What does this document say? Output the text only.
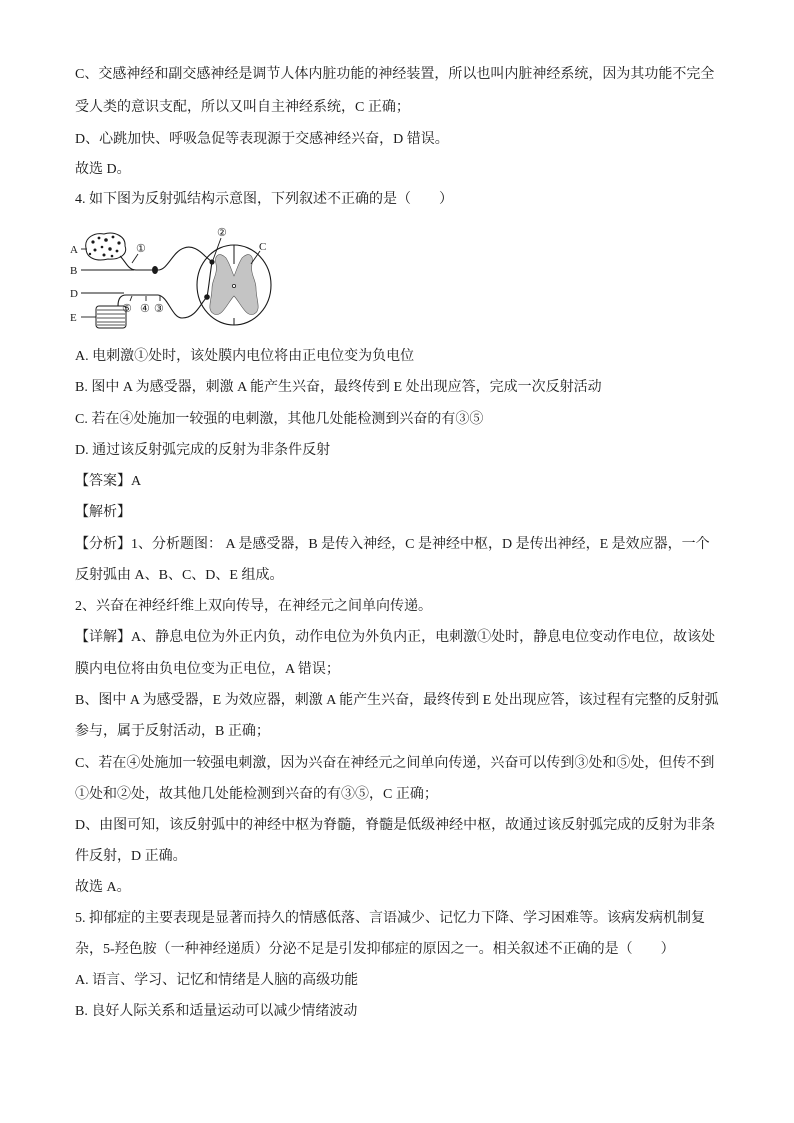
C、交感神经和副交感神经是调节人体内脏功能的神经装置，所以也叫内脏神经系统，因为其功能不完全
受人类的意识支配，所以又叫自主神经系统，C 正确；
D、心跳加快、呼吸急促等表现源于交感神经兴奋，D 错误。
故选 D。
4. 如下图为反射弧结构示意图，下列叙述不正确的是（　　）
A
B
D
E
C
①
②
⑤ ④ ③
A. 电刺激①处时，该处膜内电位将由正电位变为负电位
B. 图中 A 为感受器，刺激 A 能产生兴奋，最终传到 E 处出现应答，完成一次反射活动
C. 若在④处施加一较强的电刺激，其他几处能检测到兴奋的有③⑤
D. 通过该反射弧完成的反射为非条件反射
【答案】A
【解析】
【分析】1、分析题图： A 是感受器，B 是传入神经，C 是神经中枢，D 是传出神经，E 是效应器，一个
反射弧由 A、B、C、D、E 组成。
2、兴奋在神经纤维上双向传导，在神经元之间单向传递。
【详解】A、静息电位为外正内负，动作电位为外负内正，电刺激①处时，静息电位变动作电位，故该处
膜内电位将由负电位变为正电位，A 错误；
B、图中 A 为感受器，E 为效应器，刺激 A 能产生兴奋，最终传到 E 处出现应答，该过程有完整的反射弧
参与，属于反射活动，B 正确；
C、若在④处施加一较强电刺激，因为兴奋在神经元之间单向传递，兴奋可以传到③处和⑤处，但传不到
①处和②处，故其他几处能检测到兴奋的有③⑤，C 正确；
D、由图可知，该反射弧中的神经中枢为脊髓，脊髓是低级神经中枢，故通过该反射弧完成的反射为非条
件反射，D 正确。
故选 A。
5. 抑郁症的主要表现是显著而持久的情感低落、言语减少、记忆力下降、学习困难等。该病发病机制复
杂，5-羟色胺（一种神经递质）分泌不足是引发抑郁症的原因之一。相关叙述不正确的是（　　）
A. 语言、学习、记忆和情绪是人脑的高级功能
B. 良好人际关系和适量运动可以减少情绪波动
